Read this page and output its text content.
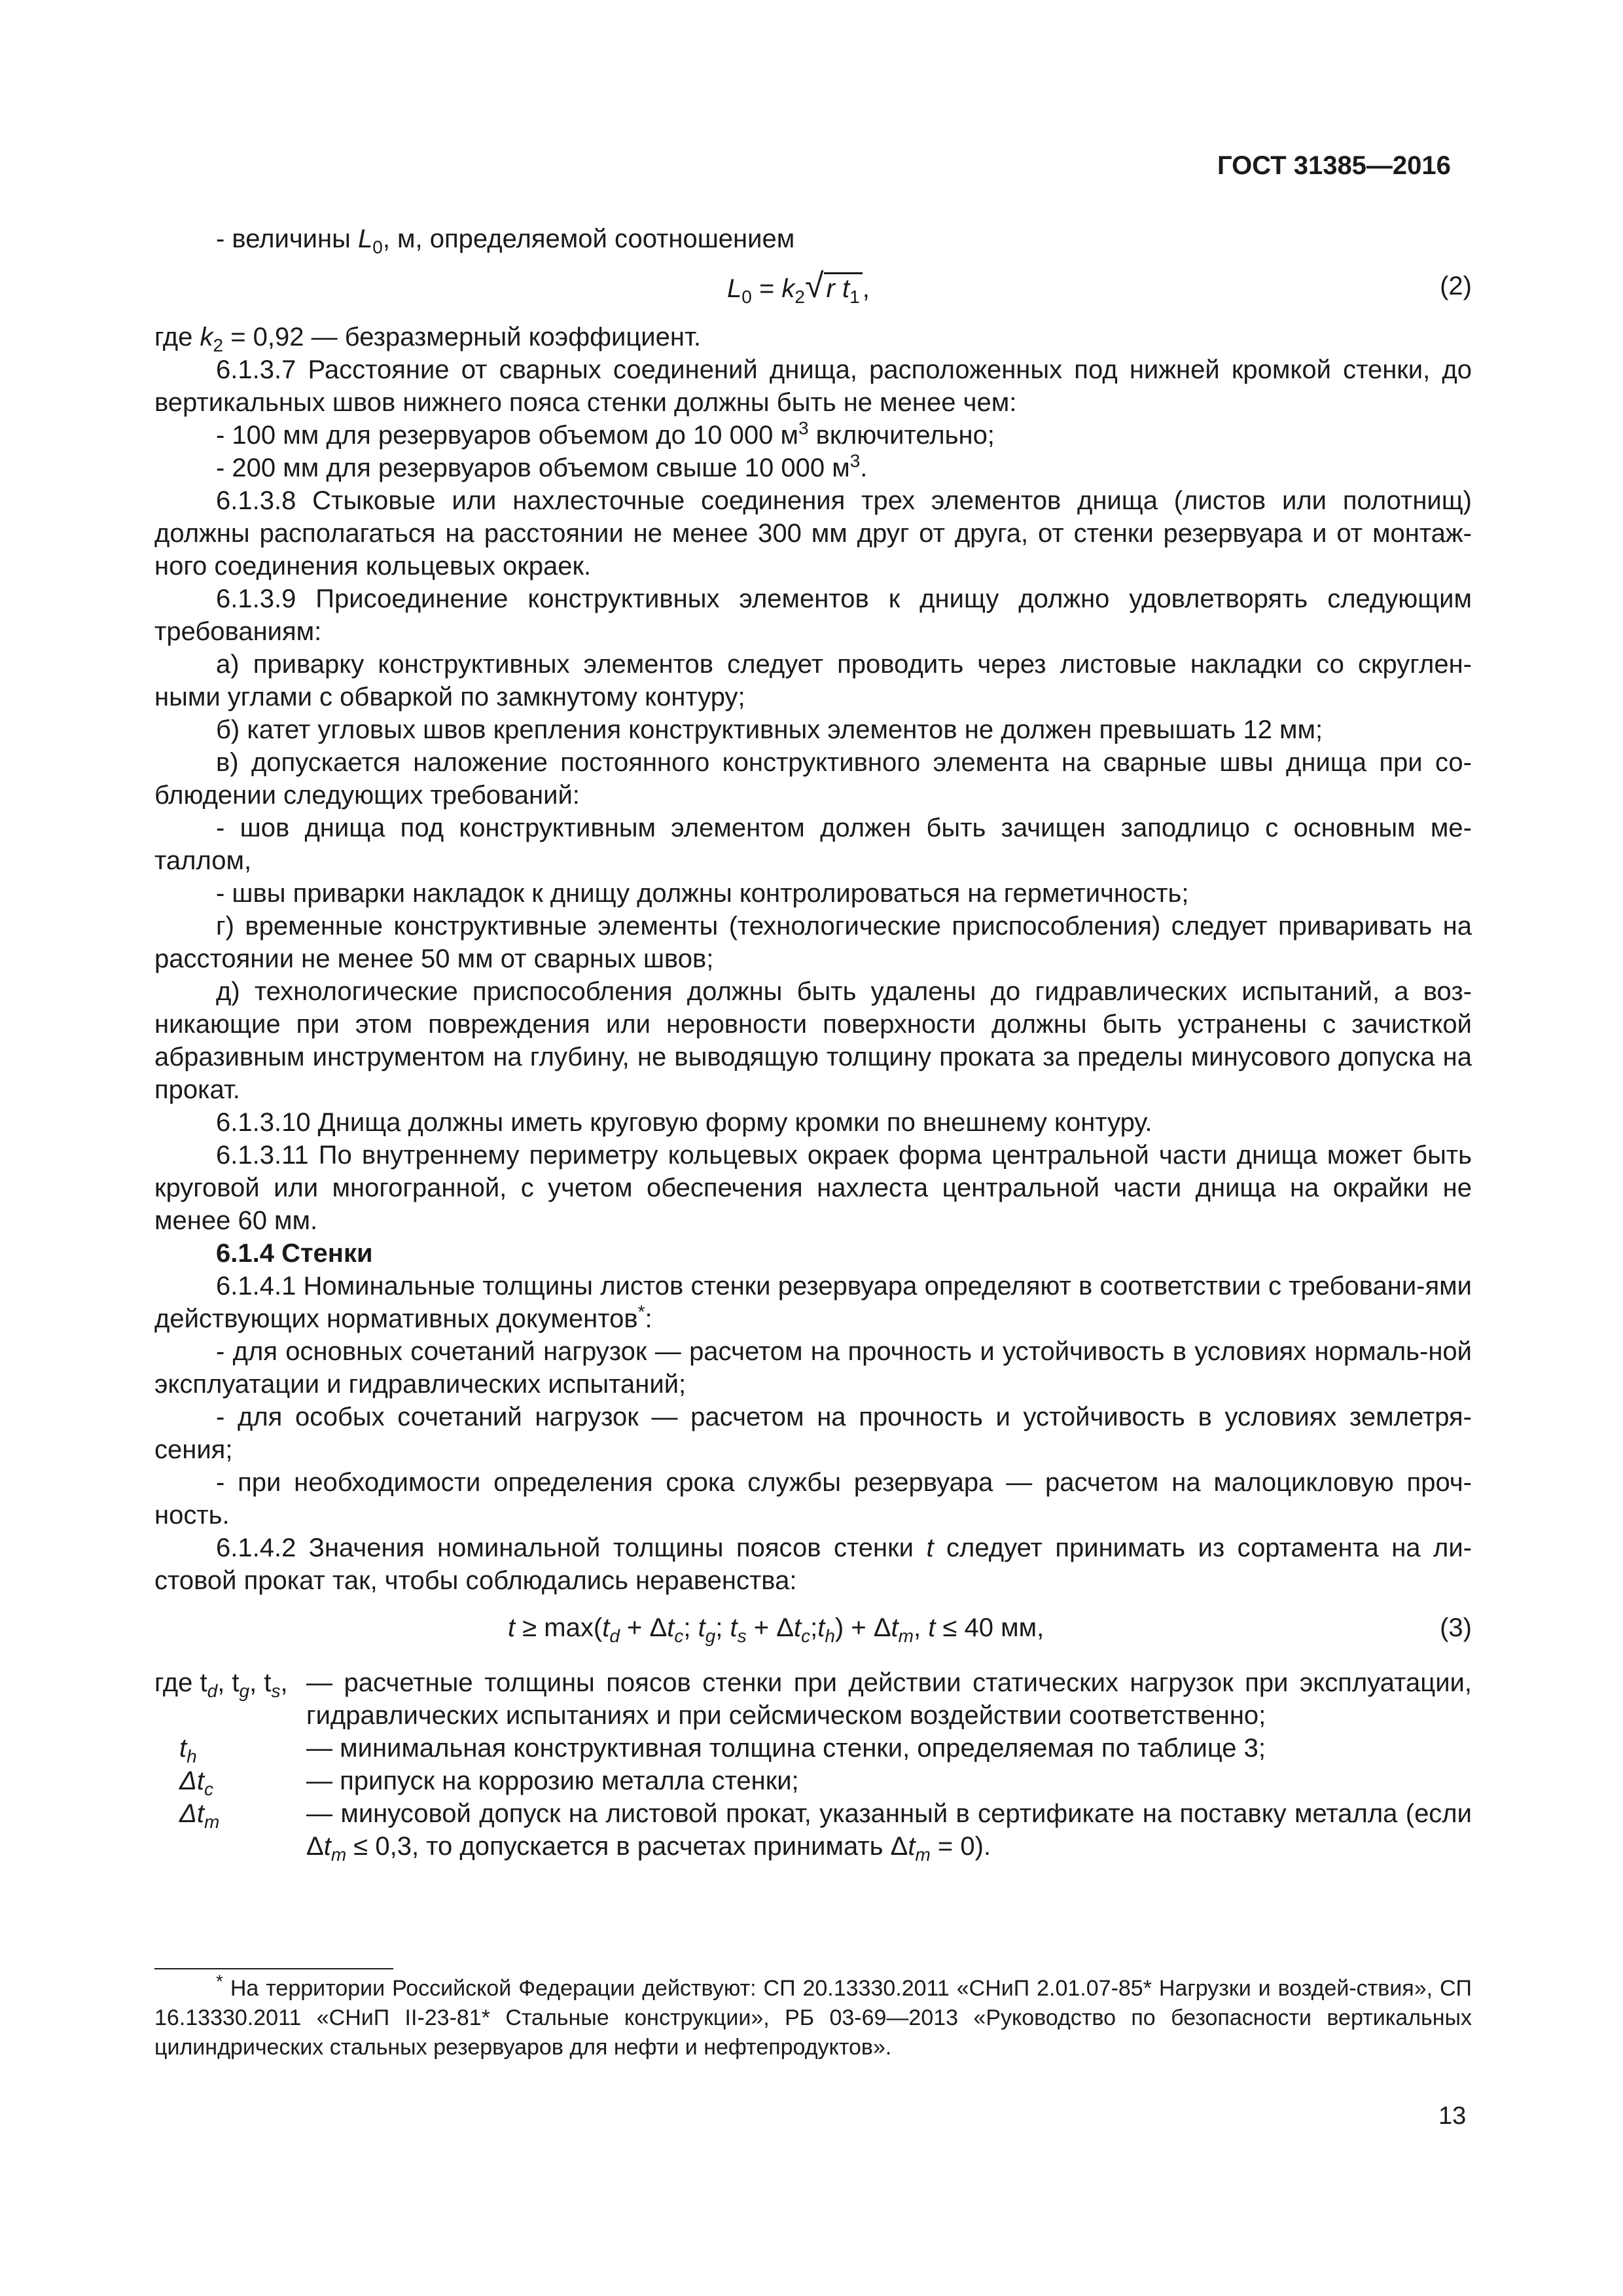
ГОСТ 31385—2016

- величины $L_0$, м, определяемой соотношением

$L_0 = k_2√$ r $t_1$ ,	(2)

где $k_2 = 0,92$ — безразмерный коэффициент.

6.1.3.7 Расстояние от сварных соединений днища, расположенных под нижней кромкой стенки, до вертикальных швов нижнего пояса стенки должны быть не менее чем:

- 100 мм для резервуаров объемом до 10 000 $м^3$ включительно;

- 200 мм для резервуаров объемом свыше 10 000 $м^3$.

6.1.3.8 Стыковые или нахлесточные соединения трех элементов днища (листов или полотнищ) должны располагаться на расстоянии не менее 300 мм друг от друга, от стенки резервуара и от монтаж-ного соединения кольцевых окраек.

6.1.3.9 Присоединение конструктивных элементов к днищу должно удовлетворять следующим требованиям:

а) приварку конструктивных элементов следует проводить через листовые накладки со скруглен-ными углами с обваркой по замкнутому контуру;

б) катет угловых швов крепления конструктивных элементов не должен превышать 12 мм;

в) допускается наложение постоянного конструктивного элемента на сварные швы днища при со-блюдении следующих требований:

- шов днища под конструктивным элементом должен быть зачищен заподлицо с основным ме-таллом,

- швы приварки накладок к днищу должны контролироваться на герметичность;

г) временные конструктивные элементы (технологические приспособления) следует приваривать на расстоянии не менее 50 мм от сварных швов;

д) технологические приспособления должны быть удалены до гидравлических испытаний, а воз-никающие при этом повреждения или неровности поверхности должны быть устранены с зачисткой абразивным инструментом на глубину, не выводящую толщину проката за пределы минусового допуска на прокат.

6.1.3.10 Днища должны иметь круговую форму кромки по внешнему контуру.

6.1.3.11 По внутреннему периметру кольцевых окраек форма центральной части днища может быть круговой или многогранной, с учетом обеспечения нахлеста центральной части днища на окрайки не менее 60 мм.

6.1.4 Стенки

6.1.4.1 Номинальные толщины листов стенки резервуара определяют в соответствии с требовани-ями действующих нормативных документов*:

- для основных сочетаний нагрузок — расчетом на прочность и устойчивость в условиях нормаль-ной эксплуатации и гидравлических испытаний;

- для особых сочетаний нагрузок — расчетом на прочность и устойчивость в условиях землетря-сения;

- при необходимости определения срока службы резервуара — расчетом на малоцикловую проч-ность.

6.1.4.2 Значения номинальной толщины поясов стенки t следует принимать из сортамента на ли-стовой прокат так, чтобы соблюдались неравенства:

$t \ge \max(t_d + \Delta t_c$; $t_g$; $t_s$ + $\Delta t_c;t_h) + \Delta t_m$, t ≤ 40 мм,	(3)
где $t_d$, $t_g$, $t_s$, — расчетные толщины поясов стенки при действии статических нагрузок при эксплуатации, гидравлических испытаниях и при сейсмическом воздействии соответственно;
$t_h$	— минимальная конструктивная толщина стенки, определяемая по таблице 3;
$\Delta t_c$	— припуск на коррозию металла стенки;
$\Delta t_m$	— минусовой допуск на листовой прокат, указанный в сертификате на поставку металла (если $\Delta t_m \le 0,3$, то допускается в расчетах принимать $\Delta t_m = 0$).

* На территории Российской Федерации действуют: СП 20.13330.2011 «СНиП 2.01.07-85* Нагрузки и воздей-ствия», СП 16.13330.2011 «СНиП II-23-81* Стальные конструкции», РБ 03-69—2013 «Руководство по безопасности вертикальных цилиндрических стальных резервуаров для нефти и нефтепродуктов».

13
